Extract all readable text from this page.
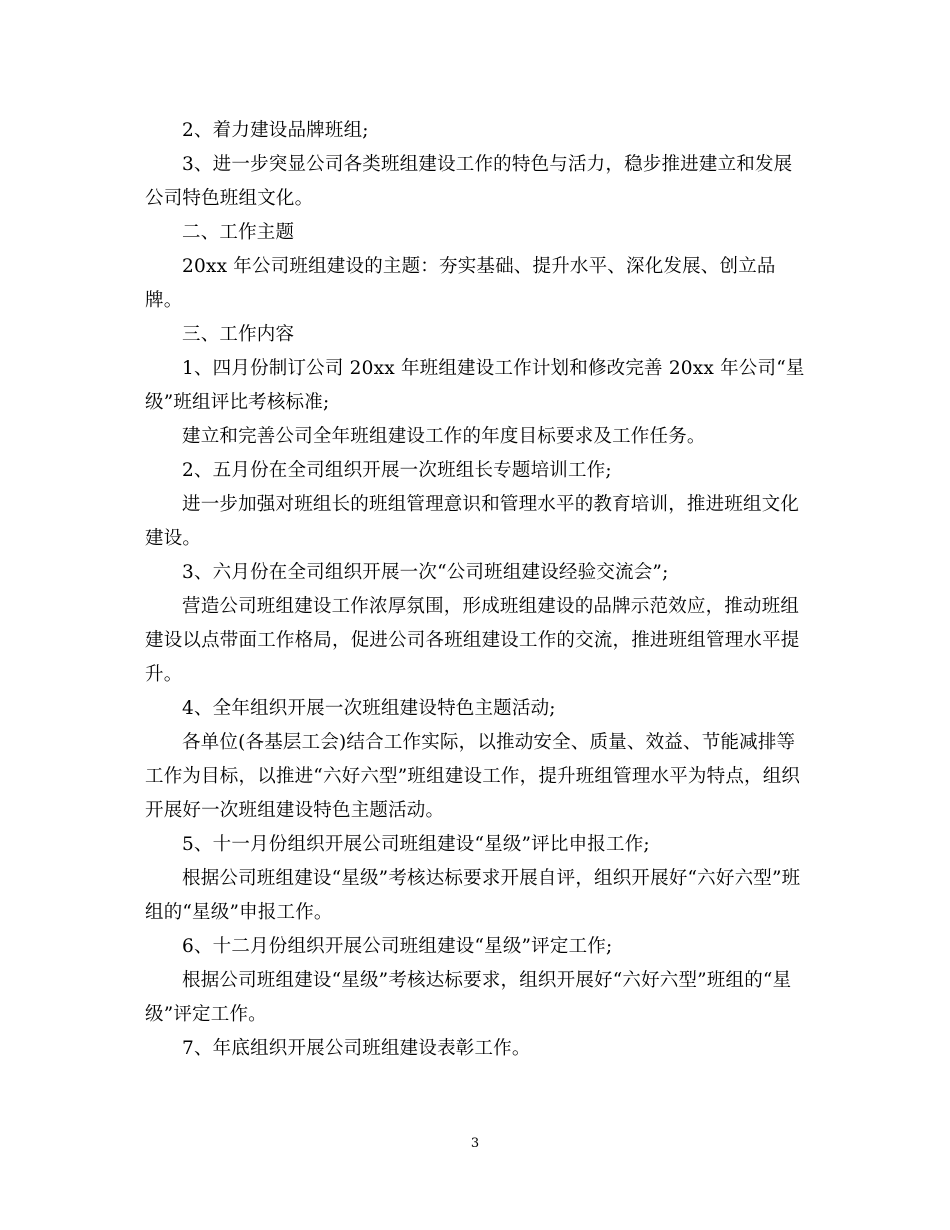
2、着力建设品牌班组;

3、进一步突显公司各类班组建设工作的特色与活力，稳步推进建立和发展公司特色班组文化。

二、工作主题

20xx 年公司班组建设的主题：夯实基础、提升水平、深化发展、创立品牌。

三、工作内容

1、四月份制订公司 20xx 年班组建设工作计划和修改完善 20xx 年公司“星级”班组评比考核标准;

建立和完善公司全年班组建设工作的年度目标要求及工作任务。

2、五月份在全司组织开展一次班组长专题培训工作;

进一步加强对班组长的班组管理意识和管理水平的教育培训，推进班组文化建设。

3、六月份在全司组织开展一次“公司班组建设经验交流会”;

营造公司班组建设工作浓厚氛围，形成班组建设的品牌示范效应，推动班组建设以点带面工作格局，促进公司各班组建设工作的交流，推进班组管理水平提升。

4、全年组织开展一次班组建设特色主题活动;

各单位(各基层工会)结合工作实际，以推动安全、质量、效益、节能减排等工作为目标，以推进“六好六型”班组建设工作，提升班组管理水平为特点，组织开展好一次班组建设特色主题活动。

5、十一月份组织开展公司班组建设“星级”评比申报工作;

根据公司班组建设“星级”考核达标要求开展自评，组织开展好“六好六型”班组的“星级”申报工作。

6、十二月份组织开展公司班组建设“星级”评定工作;

根据公司班组建设“星级”考核达标要求，组织开展好“六好六型”班组的“星级”评定工作。

7、年底组织开展公司班组建设表彰工作。

3
